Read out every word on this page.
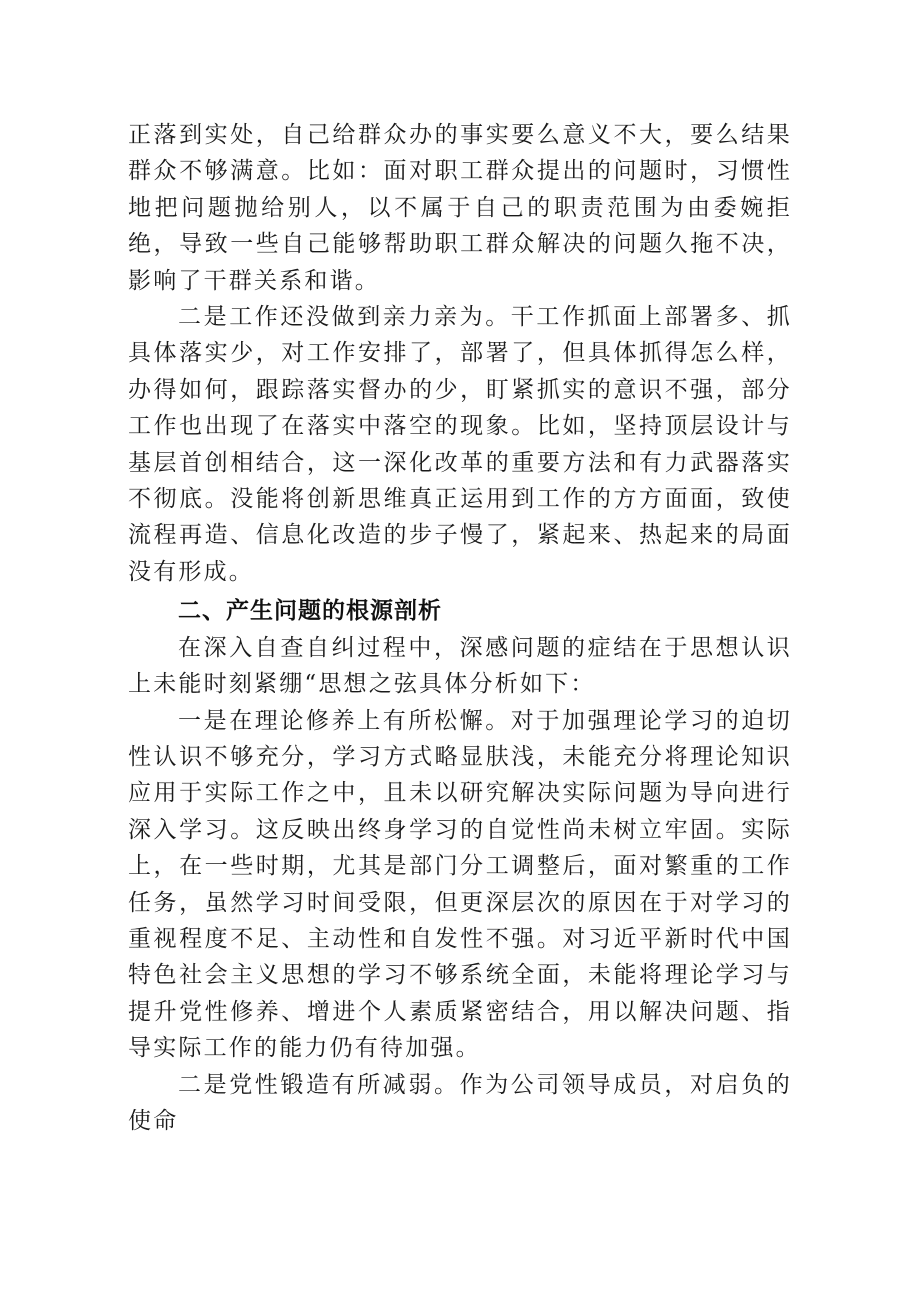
正落到实处，自己给群众办的事实要么意义不大，要么结果群众不够满意。比如：面对职工群众提出的问题时，习惯性地把问题抛给别人，以不属于自己的职责范围为由委婉拒绝，导致一些自己能够帮助职工群众解决的问题久拖不决，影响了干群关系和谐。

二是工作还没做到亲力亲为。干工作抓面上部署多、抓具体落实少，对工作安排了，部署了，但具体抓得怎么样，办得如何，跟踪落实督办的少，盯紧抓实的意识不强，部分工作也出现了在落实中落空的现象。比如，坚持顶层设计与基层首创相结合，这一深化改革的重要方法和有力武器落实不彻底。没能将创新思维真正运用到工作的方方面面，致使流程再造、信息化改造的步子慢了，紧起来、热起来的局面没有形成。

二、产生问题的根源剖析

在深入自查自纠过程中，深感问题的症结在于思想认识上未能时刻紧绷“思想之弦具体分析如下：

一是在理论修养上有所松懈。对于加强理论学习的迫切性认识不够充分，学习方式略显肤浅，未能充分将理论知识应用于实际工作之中，且未以研究解决实际问题为导向进行深入学习。这反映出终身学习的自觉性尚未树立牢固。实际上，在一些时期，尤其是部门分工调整后，面对繁重的工作任务，虽然学习时间受限，但更深层次的原因在于对学习的重视程度不足、主动性和自发性不强。对习近平新时代中国特色社会主义思想的学习不够系统全面，未能将理论学习与提升党性修养、增进个人素质紧密结合，用以解决问题、指导实际工作的能力仍有待加强。

二是党性锻造有所减弱。作为公司领导成员，对启负的使命
